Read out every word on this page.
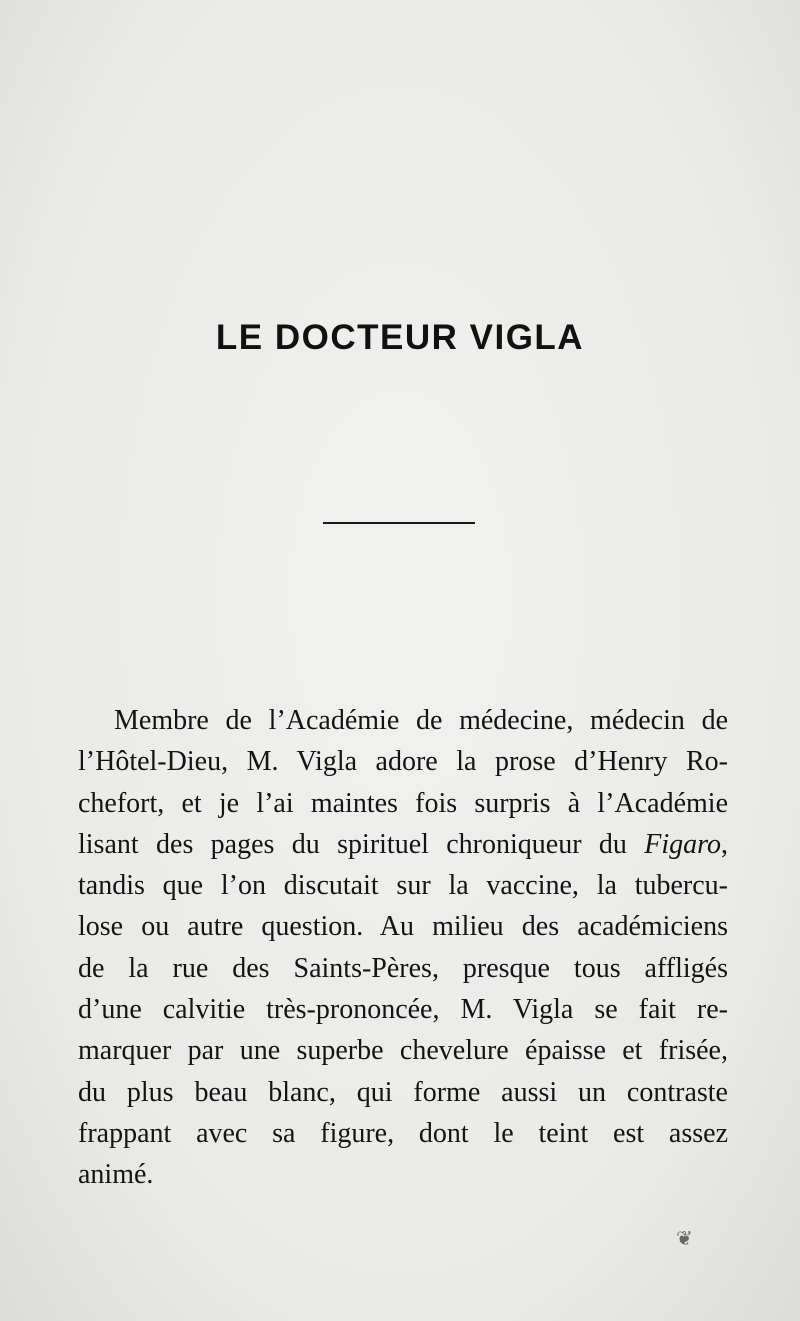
LE DOCTEUR VIGLA
Membre de l’Académie de médecine, médecin de
l’Hôtel-Dieu, M. Vigla adore la prose d’Henry Ro-
chefort, et je l’ai maintes fois surpris à l’Académie
lisant des pages du spirituel chroniqueur du Figaro,
tandis que l’on discutait sur la vaccine, la tubercu-
lose ou autre question. Au milieu des académiciens
de la rue des Saints-Pères, presque tous affligés
d’une calvitie très-prononcée, M. Vigla se fait re-
marquer par une superbe chevelure épaisse et frisée,
du plus beau blanc, qui forme aussi un contraste
frappant avec sa figure, dont le teint est assez
animé.
❦
